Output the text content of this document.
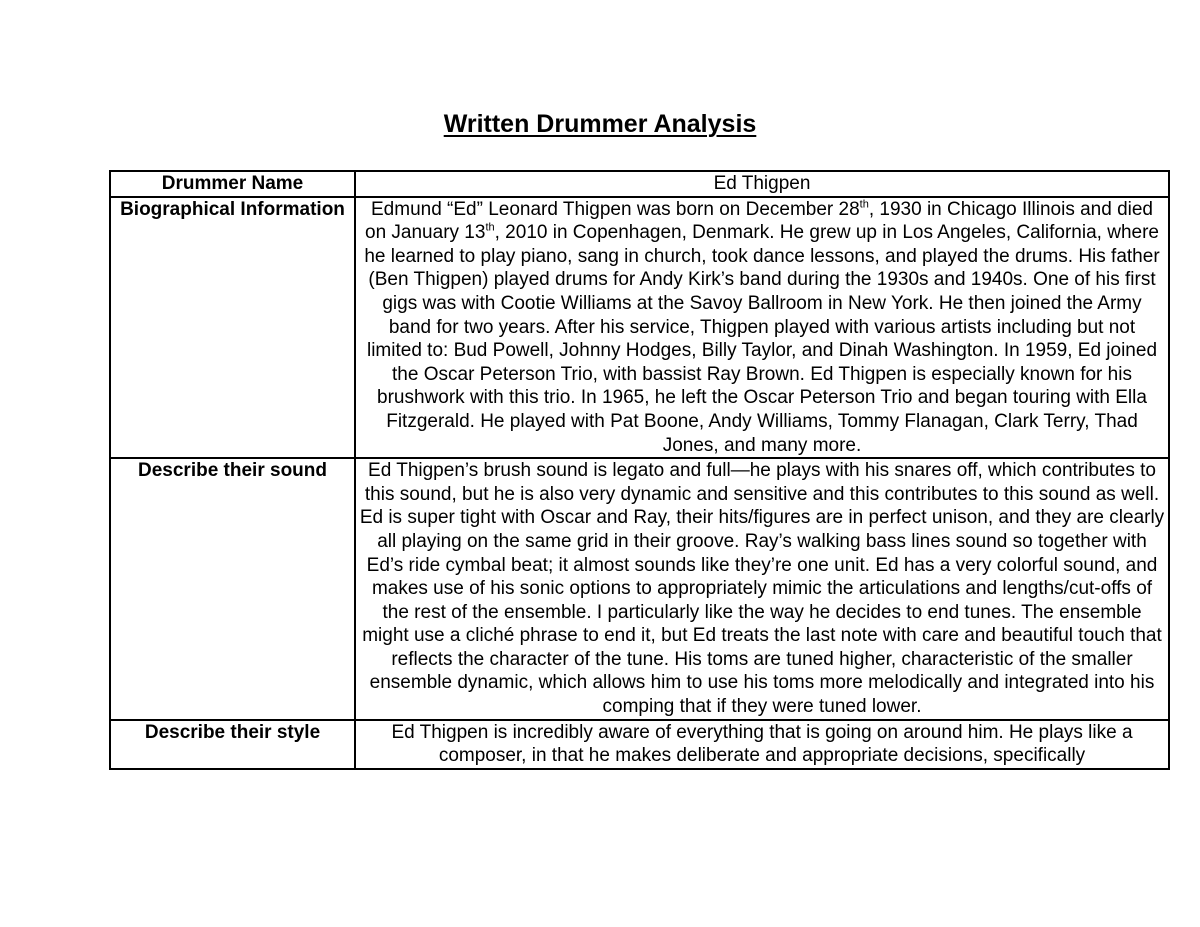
Written Drummer Analysis
Drummer Name	Ed Thigpen
Biographical Information	Edmund “Ed” Leonard Thigpen was born on December 28th, 1930 in Chicago Illinois and died on January 13th, 2010 in Copenhagen, Denmark. He grew up in Los Angeles, California, where he learned to play piano, sang in church, took dance lessons, and played the drums. His father (Ben Thigpen) played drums for Andy Kirk’s band during the 1930s and 1940s. One of his first gigs was with Cootie Williams at the Savoy Ballroom in New York. He then joined the Army band for two years. After his service, Thigpen played with various artists including but not limited to: Bud Powell, Johnny Hodges, Billy Taylor, and Dinah Washington. In 1959, Ed joined the Oscar Peterson Trio, with bassist Ray Brown. Ed Thigpen is especially known for his brushwork with this trio. In 1965, he left the Oscar Peterson Trio and began touring with Ella Fitzgerald. He played with Pat Boone, Andy Williams, Tommy Flanagan, Clark Terry, Thad Jones, and many more.
Describe their sound	Ed Thigpen’s brush sound is legato and full—he plays with his snares off, which contributes to this sound, but he is also very dynamic and sensitive and this contributes to this sound as well. Ed is super tight with Oscar and Ray, their hits/figures are in perfect unison, and they are clearly all playing on the same grid in their groove. Ray’s walking bass lines sound so together with Ed’s ride cymbal beat; it almost sounds like they’re one unit. Ed has a very colorful sound, and makes use of his sonic options to appropriately mimic the articulations and lengths/cut-offs of the rest of the ensemble. I particularly like the way he decides to end tunes. The ensemble might use a cliché phrase to end it, but Ed treats the last note with care and beautiful touch that reflects the character of the tune. His toms are tuned higher, characteristic of the smaller ensemble dynamic, which allows him to use his toms more melodically and integrated into his comping that if they were tuned lower.
Describe their style	Ed Thigpen is incredibly aware of everything that is going on around him. He plays like a composer, in that he makes deliberate and appropriate decisions, specifically
